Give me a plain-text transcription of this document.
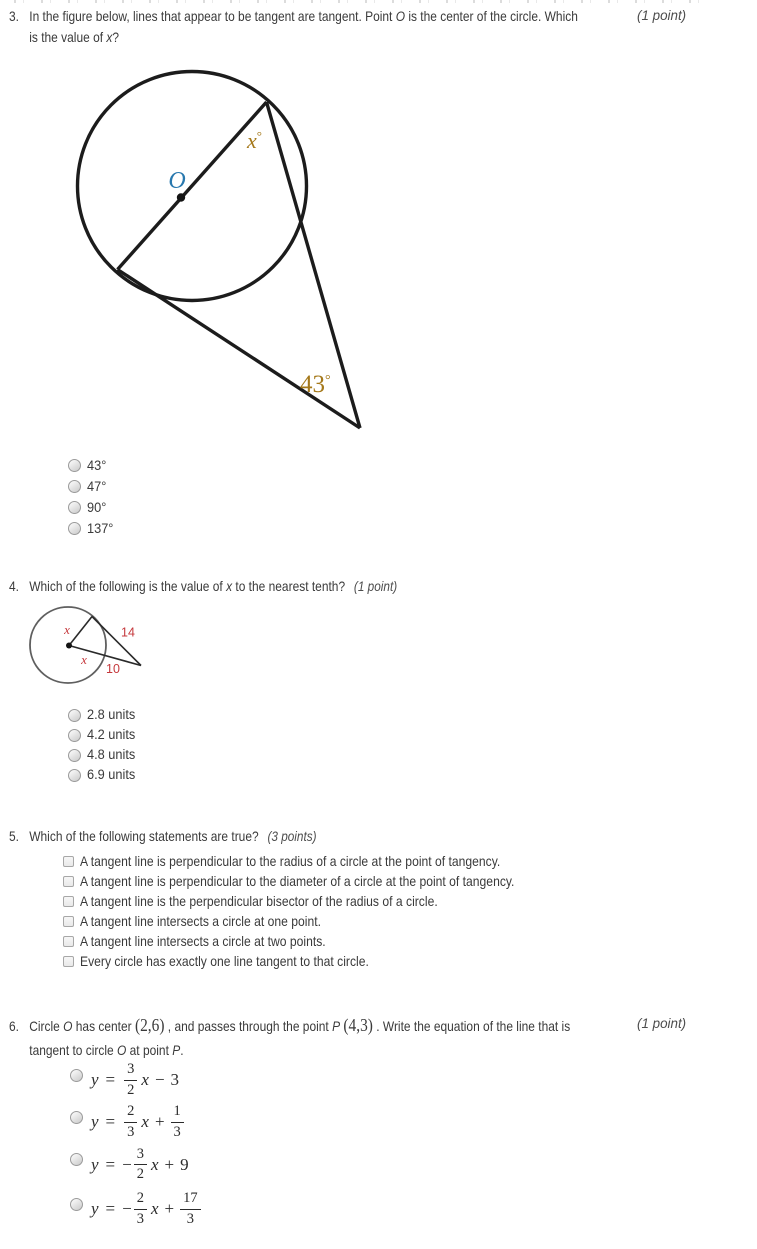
3. In the figure below, lines that appear to be tangent are tangent. Point O is the center of the circle. Which
is the value of x?
(1 point)
O
x°
43°
43°
47°
90°
137°
4. Which of the following is the value of x to the nearest tenth? (1 point)
x
x
14
10
2.8 units
4.2 units
4.8 units
6.9 units
5. Which of the following statements are true? (3 points)
A tangent line is perpendicular to the radius of a circle at the point of tangency.
A tangent line is perpendicular to the diameter of a circle at the point of tangency.
A tangent line is the perpendicular bisector of the radius of a circle.
A tangent line intersects a circle at one point.
A tangent line intersects a circle at two points.
Every circle has exactly one line tangent to that circle.
6. Circle O has center (2,6) , and passes through the point P (4,3) . Write the equation of the line that is
tangent to circle O at point P.
(1 point)
$y = \frac{3}{2}$ x − 3
$y = \frac{2}{3}$ $x + \frac{1}{3}$
y = − $\frac{3}{2}$ x + 9
y = − $\frac{2}{3}$ $x + \frac{17}{3}$
